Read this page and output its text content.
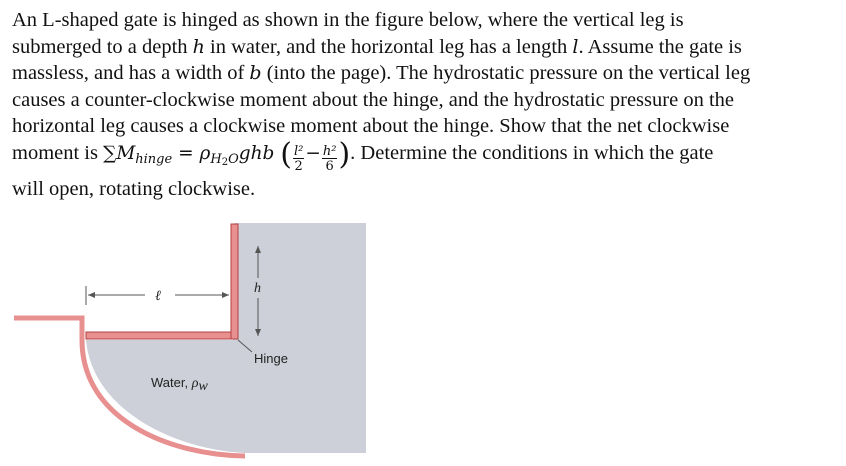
An L-shaped gate is hinged as shown in the figure below, where the vertical leg is
submerged to a depth h in water, and the horizontal leg has a length l. Assume the gate is
massless, and has a width of b (into the page). The hydrostatic pressure on the vertical leg
causes a counter-clockwise moment about the hinge, and the hydrostatic pressure on the
horizontal leg causes a clockwise moment about the hinge. Show that the net clockwise
moment is $\sum M_{hinge} = \rho_{H2O}ghb$ ( $\frac{\text{l²}}{2} - \frac{\text{h²}}{6}$ ). Determine the conditions in which the gate
will open, rotating clockwise.

ℓ
h
Hinge
Water, ρw
